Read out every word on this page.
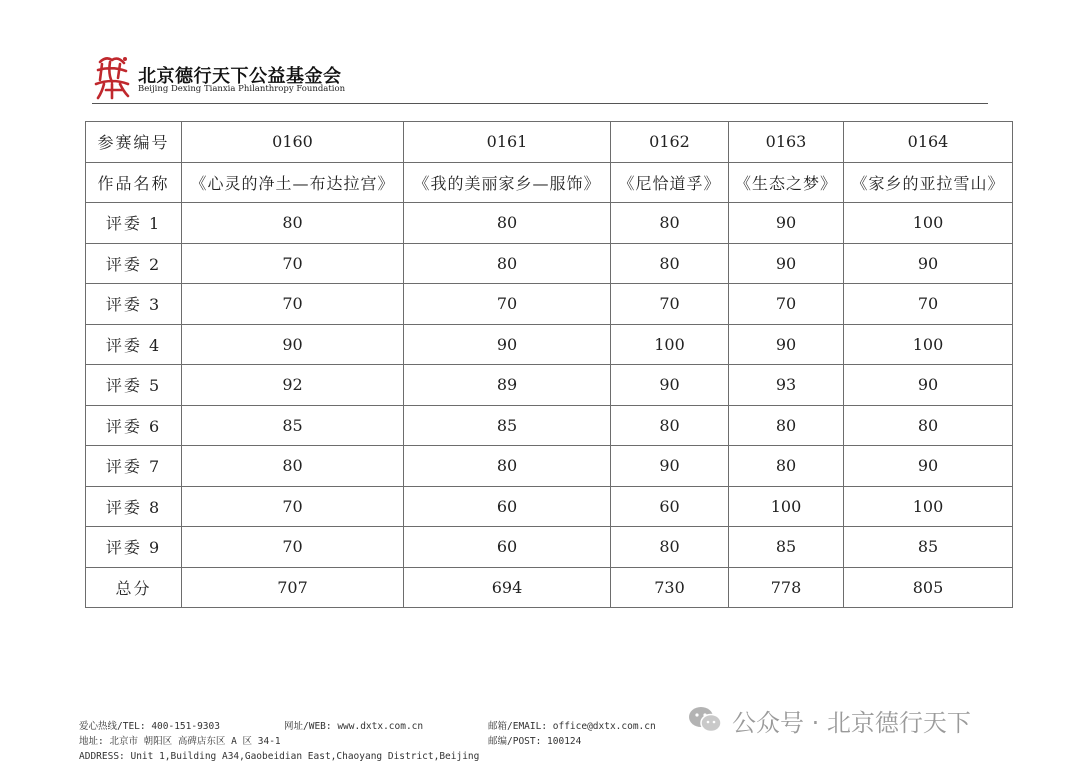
北京德行天下公益基金会
Beijing Dexing Tianxia Philanthropy Foundation
参赛编号	0160	0161	0162	0163	0164
作品名称	《心灵的净土—布达拉宫》	《我的美丽家乡—服饰》	《尼恰道孚》	《生态之梦》	《家乡的亚拉雪山》
评委 1	80	80	80	90	100
评委 2	70	80	80	90	90
评委 3	70	70	70	70	70
评委 4	90	90	100	90	100
评委 5	92	89	90	93	90
评委 6	85	85	80	80	80
评委 7	80	80	90	80	90
评委 8	70	60	60	100	100
评委 9	70	60	80	85	85
总分	707	694	730	778	805
爱心热线/TEL: 400-151-9303	网址/WEB: www.dxtx.com.cn	邮箱/EMAIL: office@dxtx.com.cn
地址: 北京市 朝阳区 高碑店东区 A 区 34-1	邮编/POST: 100124
ADDRESS: Unit 1,Building A34,Gaobeidian East,Chaoyang District,Beijing
公众号 · 北京德行天下
